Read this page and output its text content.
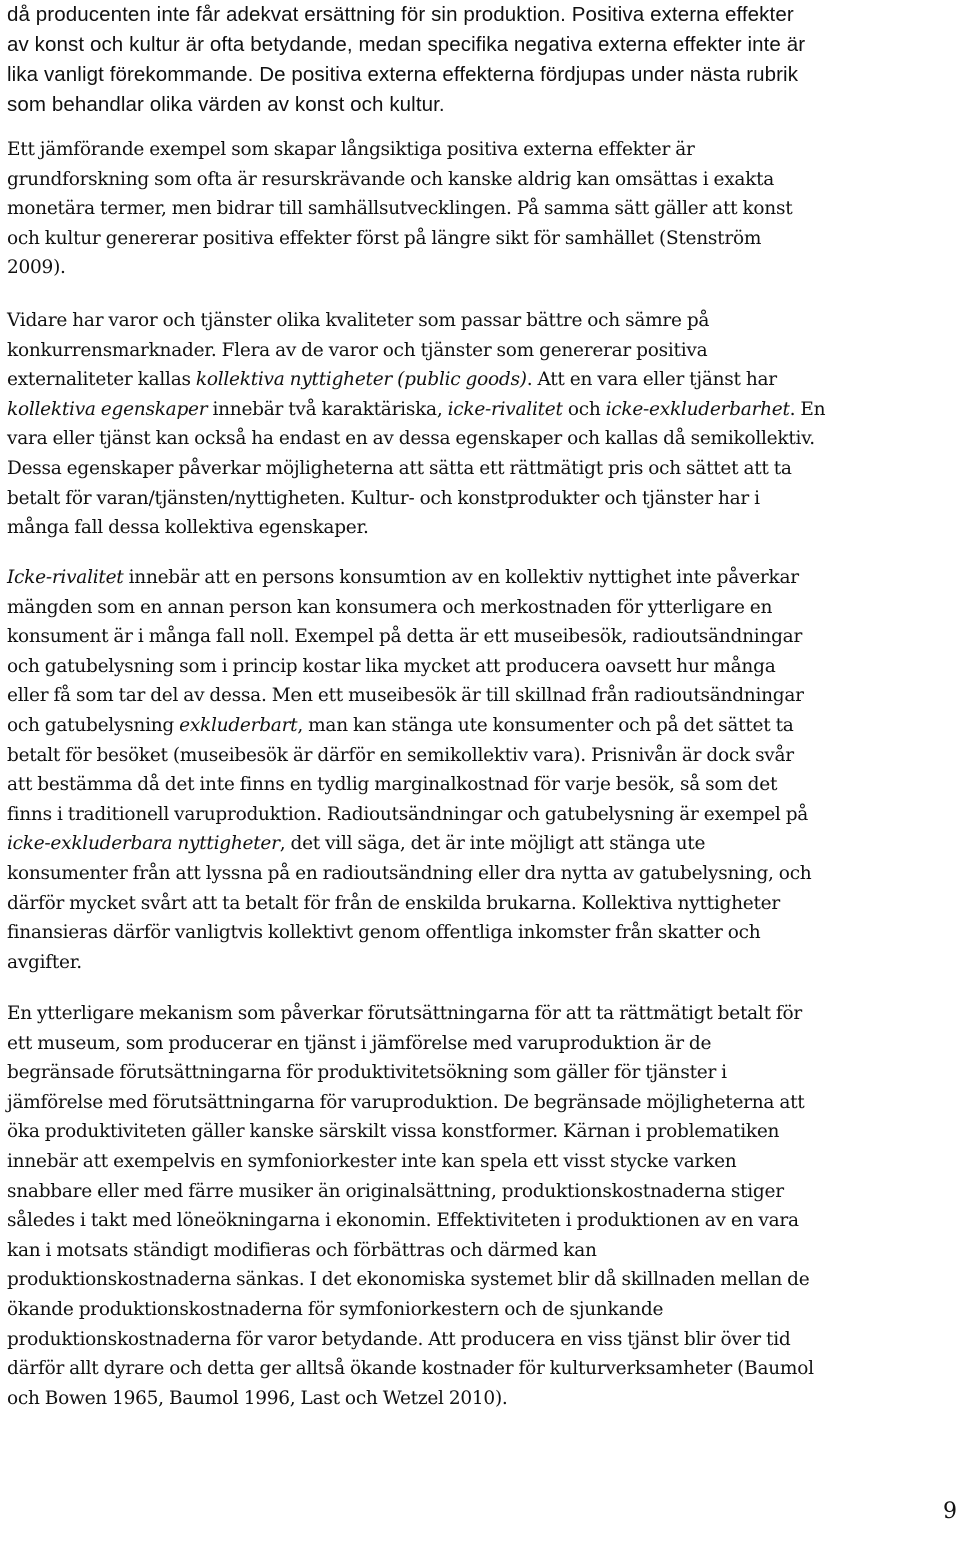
då producenten inte får adekvat ersättning för sin produktion. Positiva externa effekter
av konst och kultur är ofta betydande, medan specifika negativa externa effekter inte är
lika vanligt förekommande. De positiva externa effekterna fördjupas under nästa rubrik
som behandlar olika värden av konst och kultur.

Ett jämförande exempel som skapar långsiktiga positiva externa effekter är
grundforskning som ofta är resurskrävande och kanske aldrig kan omsättas i exakta
monetära termer, men bidrar till samhällsutvecklingen. På samma sätt gäller att konst
och kultur genererar positiva effekter först på längre sikt för samhället (Stenström
2009).

Vidare har varor och tjänster olika kvaliteter som passar bättre och sämre på
konkurrensmarknader. Flera av de varor och tjänster som genererar positiva
externaliteter kallas kollektiva nyttigheter (public goods). Att en vara eller tjänst har
kollektiva egenskaper innebär två karaktäriska, icke-rivalitet och icke-exkluderbarhet. En
vara eller tjänst kan också ha endast en av dessa egenskaper och kallas då semikollektiv.
Dessa egenskaper påverkar möjligheterna att sätta ett rättmätigt pris och sättet att ta
betalt för varan/tjänsten/nyttigheten. Kultur- och konstprodukter och tjänster har i
många fall dessa kollektiva egenskaper.

Icke-rivalitet innebär att en persons konsumtion av en kollektiv nyttighet inte påverkar
mängden som en annan person kan konsumera och merkostnaden för ytterligare en
konsument är i många fall noll. Exempel på detta är ett museibesök, radioutsändningar
och gatubelysning som i princip kostar lika mycket att producera oavsett hur många
eller få som tar del av dessa. Men ett museibesök är till skillnad från radioutsändningar
och gatubelysning exkluderbart, man kan stänga ute konsumenter och på det sättet ta
betalt för besöket (museibesök är därför en semikollektiv vara). Prisnivån är dock svår
att bestämma då det inte finns en tydlig marginalkostnad för varje besök, så som det
finns i traditionell varuproduktion. Radioutsändningar och gatubelysning är exempel på
icke-exkluderbara nyttigheter, det vill säga, det är inte möjligt att stänga ute
konsumenter från att lyssna på en radioutsändning eller dra nytta av gatubelysning, och
därför mycket svårt att ta betalt för från de enskilda brukarna. Kollektiva nyttigheter
finansieras därför vanligtvis kollektivt genom offentliga inkomster från skatter och
avgifter.

En ytterligare mekanism som påverkar förutsättningarna för att ta rättmätigt betalt för
ett museum, som producerar en tjänst i jämförelse med varuproduktion är de
begränsade förutsättningarna för produktivitetsökning som gäller för tjänster i
jämförelse med förutsättningarna för varuproduktion. De begränsade möjligheterna att
öka produktiviteten gäller kanske särskilt vissa konstformer. Kärnan i problematiken
innebär att exempelvis en symfoniorkester inte kan spela ett visst stycke varken
snabbare eller med färre musiker än originalsättning, produktionskostnaderna stiger
således i takt med löneökningarna i ekonomin. Effektiviteten i produktionen av en vara
kan i motsats ständigt modifieras och förbättras och därmed kan
produktionskostnaderna sänkas. I det ekonomiska systemet blir då skillnaden mellan de
ökande produktionskostnaderna för symfoniorkestern och de sjunkande
produktionskostnaderna för varor betydande. Att producera en viss tjänst blir över tid
därför allt dyrare och detta ger alltså ökande kostnader för kulturverksamheter (Baumol
och Bowen 1965, Baumol 1996, Last och Wetzel 2010).

9
